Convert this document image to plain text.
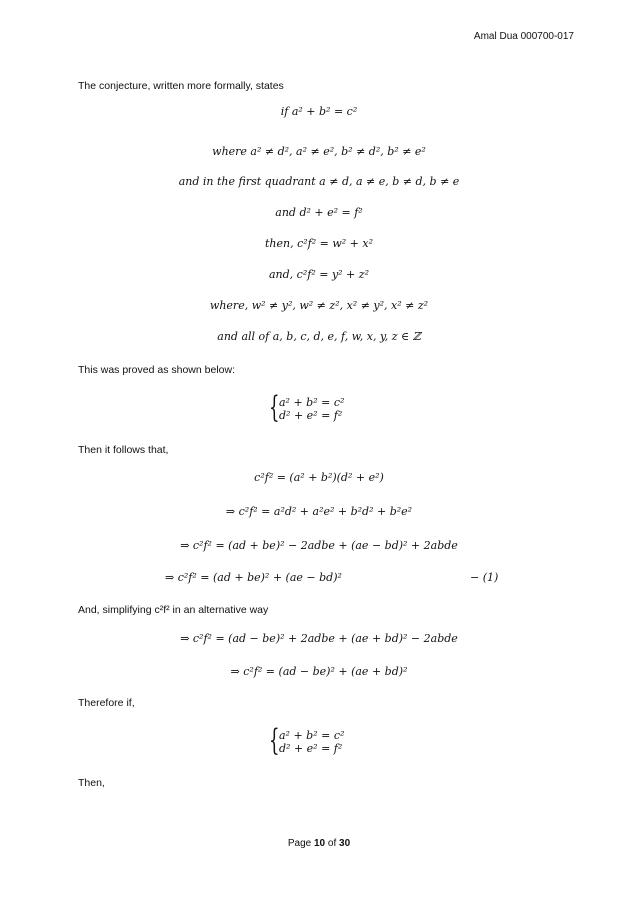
Amal Dua 000700-017
The conjecture, written more formally, states
if a² + b² = c²
where a² ≠ d², a² ≠ e², b² ≠ d², b² ≠ e²
and in the first quadrant a ≠ d, a ≠ e, b ≠ d, b ≠ e
and d² + e² = f²
then, c²f² = w² + x²
and, c²f² = y² + z²
where, w² ≠ y², w² ≠ z², x² ≠ y², x² ≠ z²
and all of a, b, c, d, e, f, w, x, y, z ∈ ℤ
This was proved as shown below:
{ a² + b² = c²
d² + e² = f²
Then it follows that,
c²f² = (a² + b²)(d² + e²)
⇒ c²f² = a²d² + a²e² + b²d² + b²e²
⇒ c²f² = (ad + be)² − 2adbe + (ae − bd)² + 2abde
⇒ c²f² = (ad + be)² + (ae − bd)²	− (1)
And, simplifying c²f² in an alternative way
⇒ c²f² = (ad − be)² + 2adbe + (ae + bd)² − 2abde
⇒ c²f² = (ad − be)² + (ae + bd)²
Therefore if,
{ a² + b² = c²
d² + e² = f²
Then,
Page 10 of 30
